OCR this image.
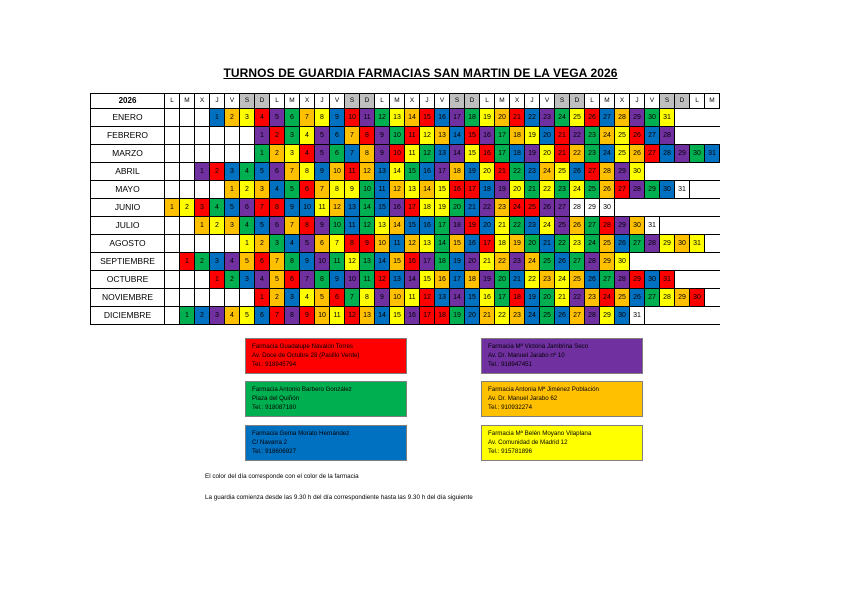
TURNOS DE GUARDIA FARMACIAS SAN MARTIN DE LA VEGA 2026
2026	L	M	X	J	V	S	D	L	M	X	J	V	S	D	L	M	X	J	V	S	D	L	M	X	J	V	S	D	L	M	X	J	V	S	D	L	M
ENERO				1	2	3	4	5	6	7	8	9	10	11	12	13	14	15	16	17	18	19	20	21	22	23	24	25	26	27	28	29	30	31			
FEBRERO							1	2	3	4	5	6	7	8	9	10	11	12	13	14	15	16	17	18	19	20	21	22	23	24	25	26	27	28			
MARZO							1	2	3	4	5	6	7	8	9	10	11	12	13	14	15	16	17	18	19	20	21	22	23	24	25	26	27	28	29	30	31
ABRIL			1	2	3	4	5	6	7	8	9	10	11	12	13	14	15	16	17	18	19	20	21	22	23	24	25	26	27	28	29	30					
MAYO					1	2	3	4	5	6	7	8	9	10	11	12	13	14	15	16	17	18	19	20	21	22	23	24	25	26	27	28	29	30	31		
JUNIO	1	2	3	4	5	6	7	8	9	10	11	12	13	14	15	16	17	18	19	20	21	22	23	24	25	26	27	28	29	30							
JULIO			1	2	3	4	5	6	7	8	9	10	11	12	13	14	15	16	17	18	19	20	21	22	23	24	25	26	27	28	29	30	31				
AGOSTO						1	2	3	4	5	6	7	8	9	10	11	12	13	14	15	16	17	18	19	20	21	22	23	24	25	26	27	28	29	30	31	
SEPTIEMBRE		1	2	3	4	5	6	7	8	9	10	11	12	13	14	15	16	17	18	19	20	21	22	23	24	25	26	27	28	29	30						
OCTUBRE				1	2	3	4	5	6	7	8	9	10	11	12	13	14	15	16	17	18	19	20	21	22	23	24	25	26	27	28	29	30	31			
NOVIEMBRE							1	2	3	4	5	6	7	8	9	10	11	12	13	14	15	16	17	18	19	20	21	22	23	24	25	26	27	28	29	30	
DICIEMBRE		1	2	3	4	5	6	7	8	9	10	11	12	13	14	15	16	17	18	19	20	21	22	23	24	25	26	27	28	29	30	31					
Farmacia Guadalupe Navalón Torres
Av. Doce de Octubre 28 (Pasillo Verde)
Tel.: 918945794
Farmacia Mª Victoria Jambrina Seco
Av. Dr. Manuel Jarabo nº 10
Tel.: 918947451
Farmacia Antonio Barbero González
Plaza del Quiñón
Tel.: 918087180
Farmacia Antonia Mª Jiménez Población
Av. Dr. Manuel Jarabo 62
Tel.: 910932274
Farmacia Gema Morato Hernández
C/ Navarra 2
Tel.: 918606927
Farmacia Mª Belén Moyano Vilaplana
Av. Comunidad de Madrid 12
Tel.: 915781896
El color del día corresponde con el color de la farmacia
La guardia comienza desde las 9.30 h del día correspondiente hasta las 9.30 h del día siguiente
